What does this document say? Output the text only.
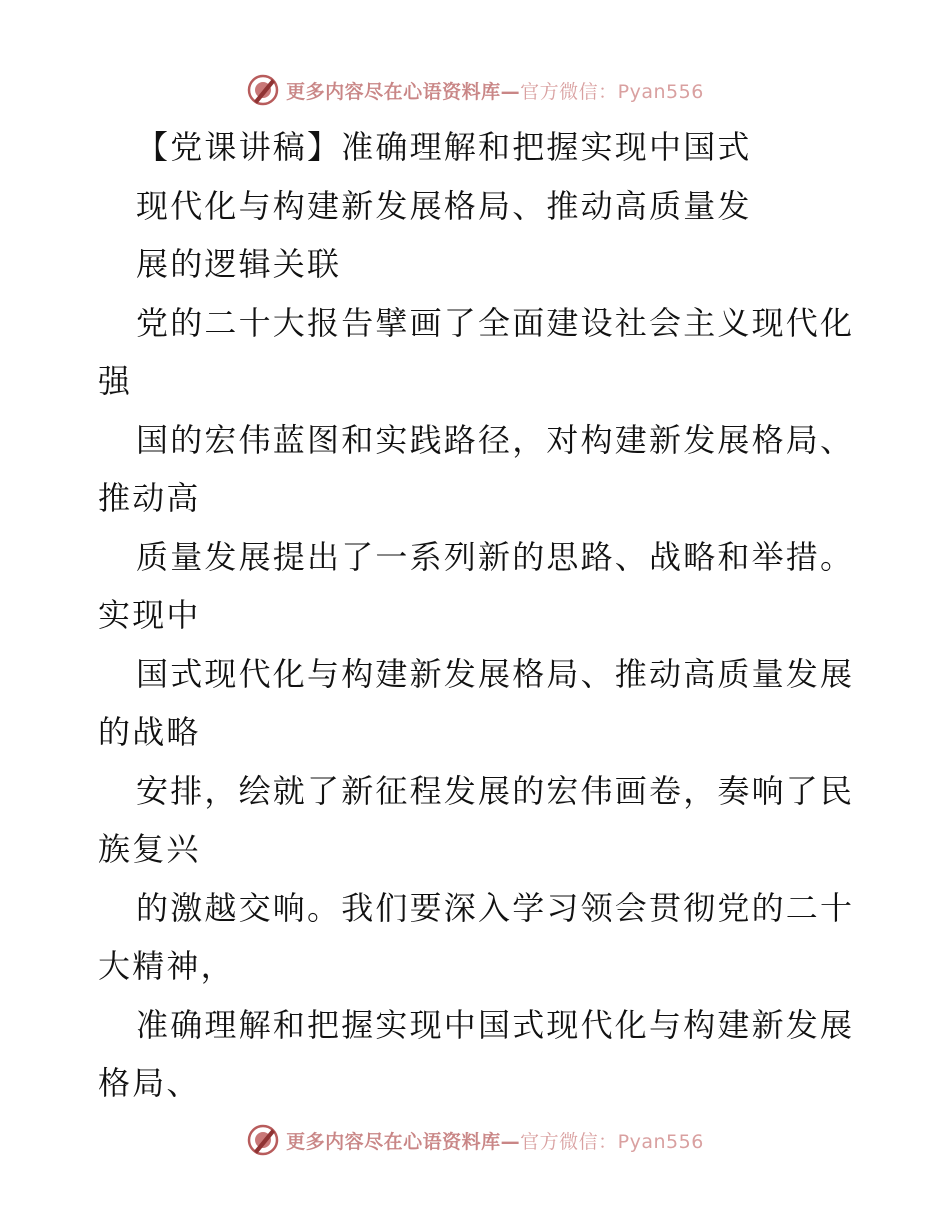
更多内容尽在心语资料库—官方微信：Pyan556
【党课讲稿】准确理解和把握实现中国式
现代化与构建新发展格局、推动高质量发
展的逻辑关联
党的二十大报告擘画了全面建设社会主义现代化
强
国的宏伟蓝图和实践路径，对构建新发展格局、
推动高
质量发展提出了一系列新的思路、战略和举措。
实现中
国式现代化与构建新发展格局、推动高质量发展
的战略
安排，绘就了新征程发展的宏伟画卷，奏响了民
族复兴
的激越交响。我们要深入学习领会贯彻党的二十
大精神，
准确理解和把握实现中国式现代化与构建新发展
格局、
更多内容尽在心语资料库—官方微信：Pyan556
